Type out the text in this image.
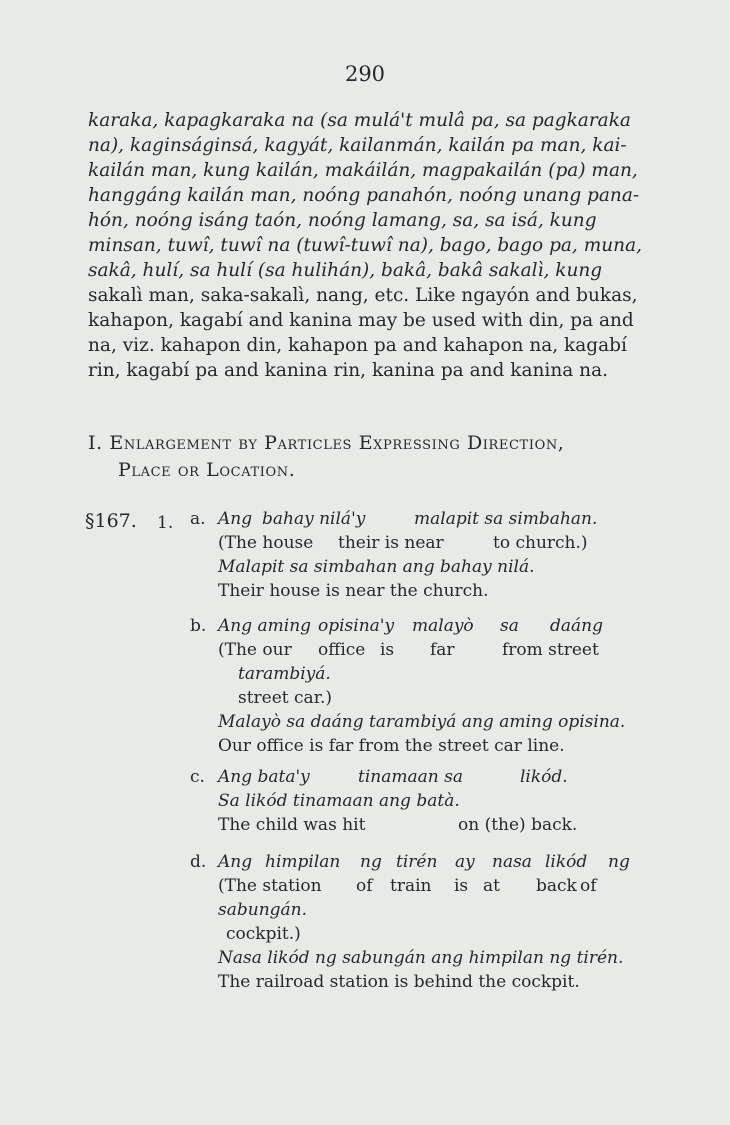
290
karaka, kapagkaraka na (sa mulá't mulâ pa, sa pagkaraka
na), kaginságinsá, kagyát, kailanmán, kailán pa man, kai-
kailán man, kung kailán, makáilán, magpakailán (pa) man,
hanggáng kailán man, noóng panahón, noóng unang pana-
hón, noóng isáng taón, noóng lamang, sa, sa isá, kung
minsan, tuwî, tuwî na (tuwî-tuwî na), bago, bago pa, muna,
sakâ, hulí, sa hulí (sa hulihán), bakâ, bakâ sakalì, kung
sakalì man, saka-sakalì, nang, etc. Like ngayón and bukas,
kahapon, kagabí and kanina may be used with din, pa and
na, viz. kahapon din, kahapon pa and kahapon na, kagabí
rin, kagabí pa and kanina rin, kanina pa and kanina na.
I. Enlargement by Particles Expressing Direction,
Place or Location.
§167. 1. a. Ang bahay nilá'y	malapit sa simbahan.
(The house their is near	to church.)
Malapit sa simbahan ang bahay nilá.
Their house is near the church.
b. Ang aming opisina'y malayò sa daáng
(The our office is far	from street
tarambiyá.
street car.)
Malayò sa daáng tarambiyá ang aming opisina.
Our office is far from the street car line.
c. Ang bata'y	tinamaan sa	likód.
Sa likód tinamaan ang batà.
The child was hit	on (the) back.
d. Ang himpilan ng tirén ay nasa likód ng
(The station of train is at back of
sabungán.
cockpit.)
Nasa likód ng sabungán ang himpilan ng tirén.
The railroad station is behind the cockpit.
